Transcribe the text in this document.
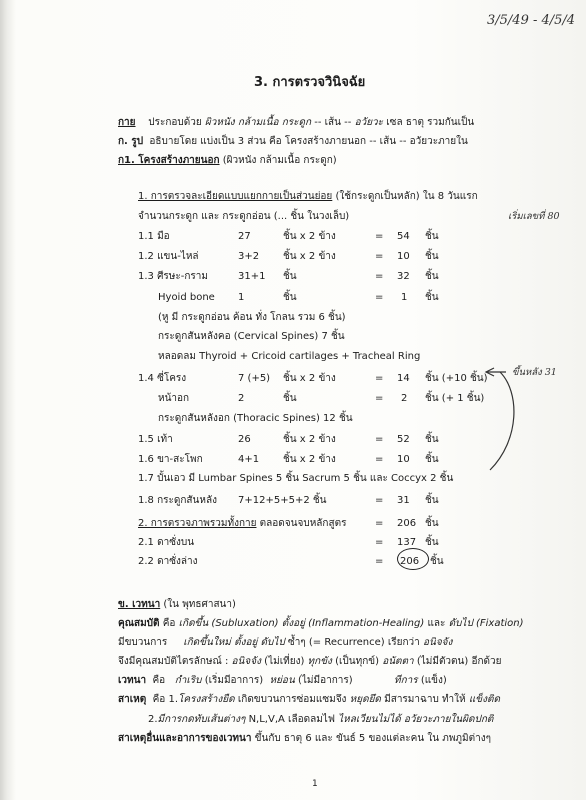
3/5/49 - 4/5/4
3. การตรวจวินิจฉัย
กาย ประกอบด้วย ผิวหนัง กล้ามเนื้อ กระดูก -- เส้น -- อวัยวะ เซล ธาตุ รวมกันเป็น
ก. รูป อธิบายโดย แบ่งเป็น 3 ส่วน คือ โครงสร้างภายนอก -- เส้น -- อวัยวะภายใน
ก1. โครงสร้างภายนอก (ผิวหนัง กล้ามเนื้อ กระดูก)
1. การตรวจละเอียดแบบแยกกายเป็นส่วนย่อย (ใช้กระดูกเป็นหลัก) ใน 8 วันแรก
จำนวนกระดูก และ กระดูกอ่อน (... ชิ้น ในวงเล็บ)	เริ่มเลขที่ 80
ขึ้นหลัง 31
1.1 มือ	27	ชิ้น x 2 ข้าง	= 54 ชิ้น
1.2 แขน-ไหล่	3+2 ชิ้น x 2 ข้าง	= 10 ชิ้น
1.3 ศีรษะ-กราม	31+1 ชิ้น	= 32 ชิ้น
Hyoid bone 1	ชิ้น	= 1 ชิ้น
(หู มี กระดูกอ่อน ค้อน ทั่ง โกลน รวม 6 ชิ้น)
กระดูกสันหลังคอ (Cervical Spines) 7 ชิ้น
หลอดลม Thyroid + Cricoid cartilages + Tracheal Ring
1.4 ซี่โครง	7 (+5) ชิ้น x 2 ข้าง	= 14 ชิ้น (+10 ชิ้น)
หน้าอก	2	ชิ้น	= 2 ชิ้น (+ 1 ชิ้น)
กระดูกสันหลังอก (Thoracic Spines) 12 ชิ้น
1.5 เท้า	26	ชิ้น x 2 ข้าง	= 52 ชิ้น
1.6 ขา-สะโพก	4+1 ชิ้น x 2 ข้าง	= 10 ชิ้น
1.7 บั้นเอว มี Lumbar Spines 5 ชิ้น Sacrum 5 ชิ้น และ Coccyx 2 ชิ้น
1.8 กระดูกสันหลัง 7+12+5+5+2 ชิ้น	= 31 ชิ้น
2. การตรวจภาพรวมทั้งกาย ตลอดจนจบหลักสูตร	= 206 ชิ้น
2.1 ดาซั่งบน	= 137 ชิ้น
2.2 ดาซั่งล่าง	= 206 ชิ้น
ข. เวทนา (ใน พุทธศาสนา)
คุณสมบัติ คือ เกิดขึ้น (Subluxation) ตั้งอยู่ (Inflammation-Healing) และ ดับไป (Fixation)
มีขบวนการ เกิดขึ้นใหม่ ตั้งอยู่ ดับไป ซ้ำๆ (= Recurrence) เรียกว่า อนิจจัง
จึงมีคุณสมบัติไตรลักษณ์ : อนิจจัง (ไม่เที่ยง) ทุกขัง (เป็นทุกข์) อนัตตา (ไม่มีตัวตน) อีกด้วย
เวทนา คือ กำเริบ (เริ่มมีอาการ) หย่อน (ไม่มีอาการ)	ทีการ (แข็ง)
สาเหตุ คือ 1.โครงสร้างยืด เกิดขบวนการซ่อมแซมจึง หยุดยึด มีสารมาฉาบ ทำให้ แข็งติด
2.มีการกดทับเส้นต่างๆ N,L,V,A เลือดลมไฟ ไหลเวียนไม่ได้ อวัยวะภายในผิดปกติ
สาเหตุอื่นและอาการของเวทนา ขึ้นกับ ธาตุ 6 และ ขันธ์ 5 ของแต่ละคน ใน ภพภูมิต่างๆ
1
